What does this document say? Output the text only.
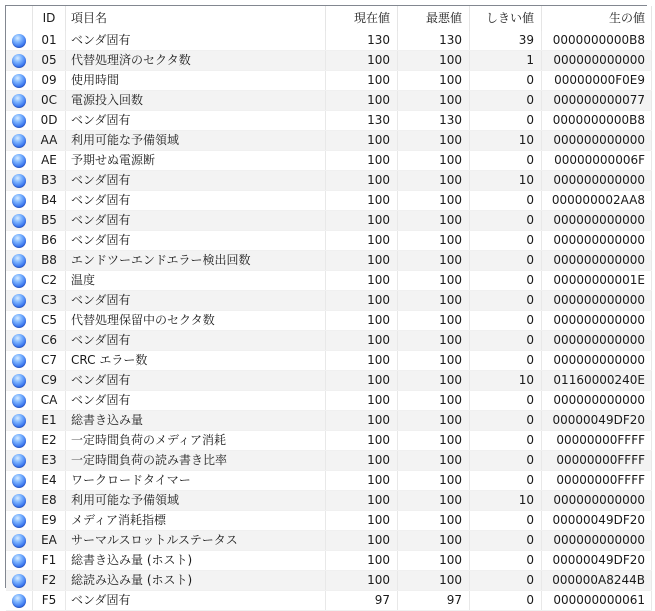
	ID	項目名	現在値	最悪値	しきい値	生の値
	01	ベンダ固有	130	130	39	0000000000B8
	05	代替処理済のセクタ数	100	100	1	000000000000
	09	使用時間	100	100	0	00000000F0E9
	0C	電源投入回数	100	100	0	000000000077
	0D	ベンダ固有	130	130	0	0000000000B8
	AA	利用可能な予備領域	100	100	10	000000000000
	AE	予期せぬ電源断	100	100	0	00000000006F
	B3	ベンダ固有	100	100	10	000000000000
	B4	ベンダ固有	100	100	0	000000002AA8
	B5	ベンダ固有	100	100	0	000000000000
	B6	ベンダ固有	100	100	0	000000000000
	B8	エンドツーエンドエラー検出回数	100	100	0	000000000000
	C2	温度	100	100	0	00000000001E
	C3	ベンダ固有	100	100	0	000000000000
	C5	代替処理保留中のセクタ数	100	100	0	000000000000
	C6	ベンダ固有	100	100	0	000000000000
	C7	CRC エラー数	100	100	0	000000000000
	C9	ベンダ固有	100	100	10	01160000240E
	CA	ベンダ固有	100	100	0	000000000000
	E1	総書き込み量	100	100	0	00000049DF20
	E2	一定時間負荷のメディア消耗	100	100	0	00000000FFFF
	E3	一定時間負荷の読み書き比率	100	100	0	00000000FFFF
	E4	ワークロードタイマー	100	100	0	00000000FFFF
	E8	利用可能な予備領域	100	100	10	000000000000
	E9	メディア消耗指標	100	100	0	00000049DF20
	EA	サーマルスロットルステータス	100	100	0	000000000000
	F1	総書き込み量 (ホスト)	100	100	0	00000049DF20
	F2	総読み込み量 (ホスト)	100	100	0	000000A8244B
	F5	ベンダ固有	97	97	0	000000000061
